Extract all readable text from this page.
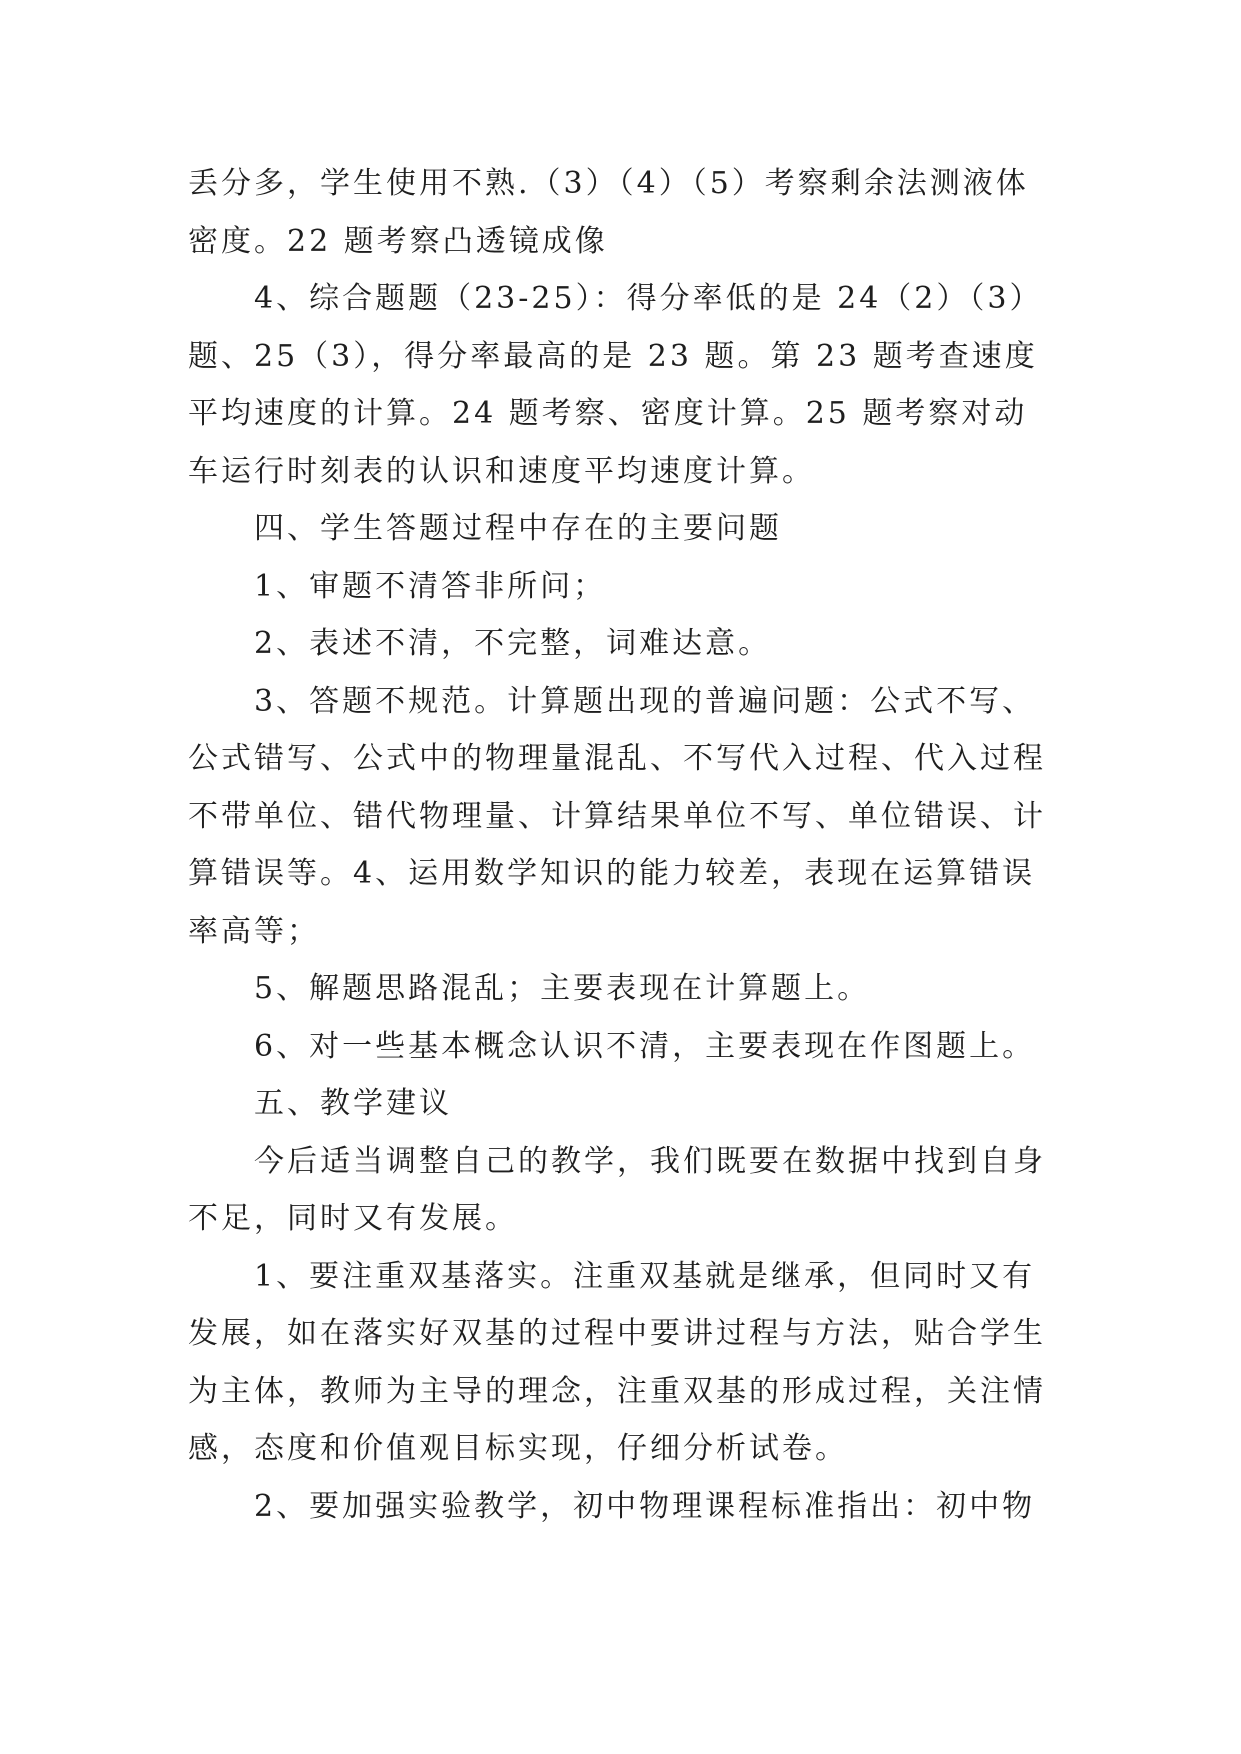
丢分多，学生使用不熟.（3）（4）（5）考察剩余法测液体密度。22 题考察凸透镜成像

4、综合题题（23-25）：得分率低的是 24（2）（3）题、25（3），得分率最高的是 23 题。第 23 题考查速度平均速度的计算。24 题考察、密度计算。25 题考察对动车运行时刻表的认识和速度平均速度计算。

四、学生答题过程中存在的主要问题

1、审题不清答非所问；

2、表述不清，不完整，词难达意。

3、答题不规范。计算题出现的普遍问题：公式不写、公式错写、公式中的物理量混乱、不写代入过程、代入过程不带单位、错代物理量、计算结果单位不写、单位错误、计算错误等。4、运用数学知识的能力较差，表现在运算错误率高等；

5、解题思路混乱；主要表现在计算题上。

6、对一些基本概念认识不清，主要表现在作图题上。

五、教学建议

今后适当调整自己的教学，我们既要在数据中找到自身不足，同时又有发展。

1、要注重双基落实。注重双基就是继承，但同时又有发展，如在落实好双基的过程中要讲过程与方法，贴合学生为主体，教师为主导的理念，注重双基的形成过程，关注情感，态度和价值观目标实现，仔细分析试卷。

2、要加强实验教学，初中物理课程标准指出：初中物
